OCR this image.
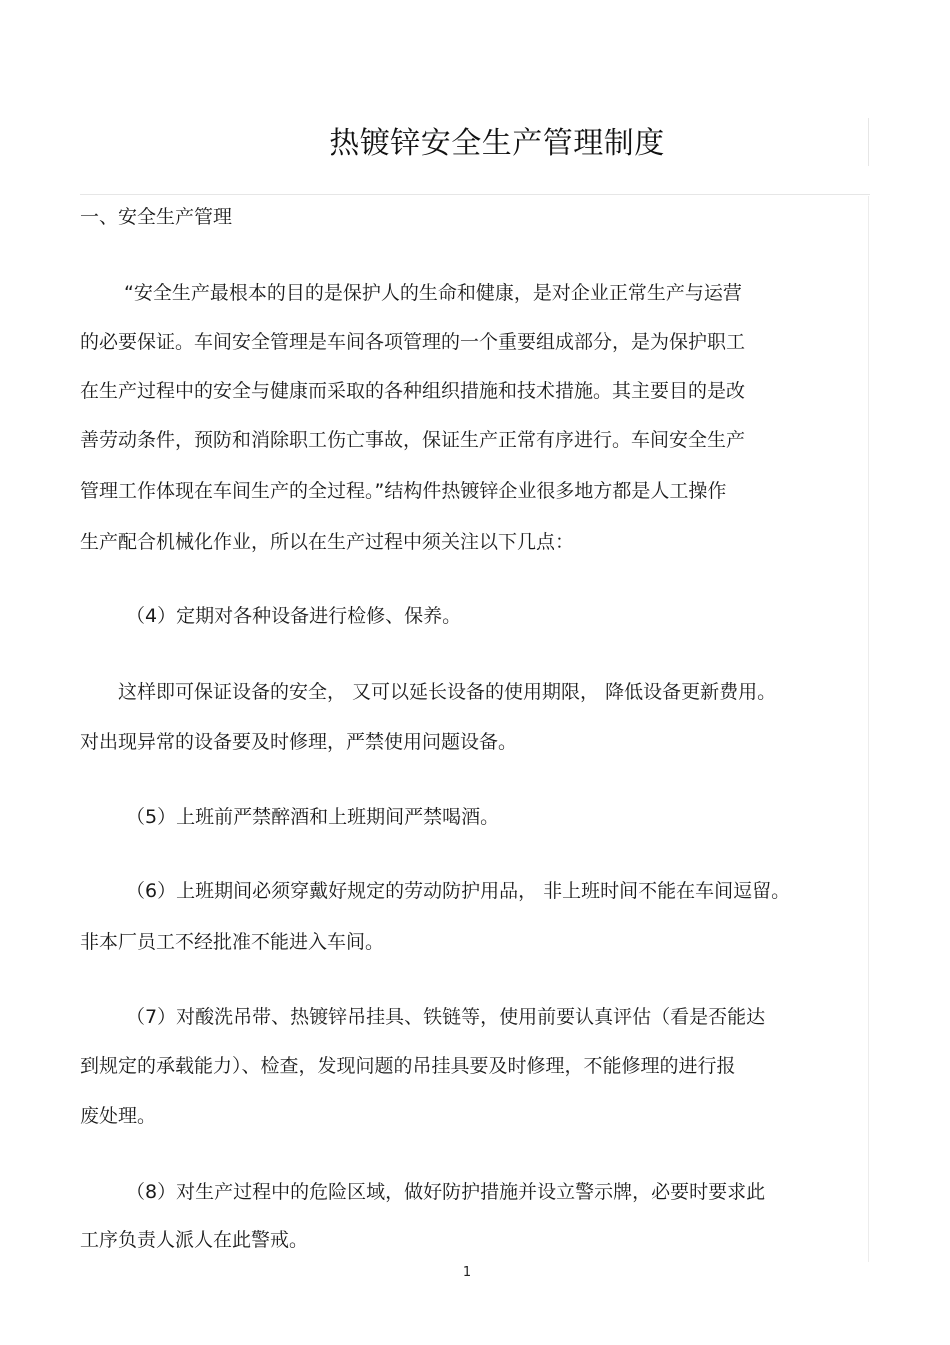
热镀锌安全生产管理制度
一、安全生产管理
“安全生产最根本的目的是保护人的生命和健康，是对企业正常生产与运营
的必要保证。车间安全管理是车间各项管理的一个重要组成部分，是为保护职工
在生产过程中的安全与健康而采取的各种组织措施和技术措施。其主要目的是改
善劳动条件，预防和消除职工伤亡事故，保证生产正常有序进行。车间安全生产
管理工作体现在车间生产的全过程。”结构件热镀锌企业很多地方都是人工操作
生产配合机械化作业，所以在生产过程中须关注以下几点：
（4）定期对各种设备进行检修、保养。
这样即可保证设备的安全， 又可以延长设备的使用期限， 降低设备更新费用。
对出现异常的设备要及时修理，严禁使用问题设备。
（5）上班前严禁醉酒和上班期间严禁喝酒。
（6）上班期间必须穿戴好规定的劳动防护用品， 非上班时间不能在车间逗留。
非本厂员工不经批准不能进入车间。
（7）对酸洗吊带、热镀锌吊挂具、铁链等，使用前要认真评估（看是否能达
到规定的承载能力）、检查，发现问题的吊挂具要及时修理，不能修理的进行报
废处理。
（8）对生产过程中的危险区域，做好防护措施并设立警示牌，必要时要求此
工序负责人派人在此警戒。
1
